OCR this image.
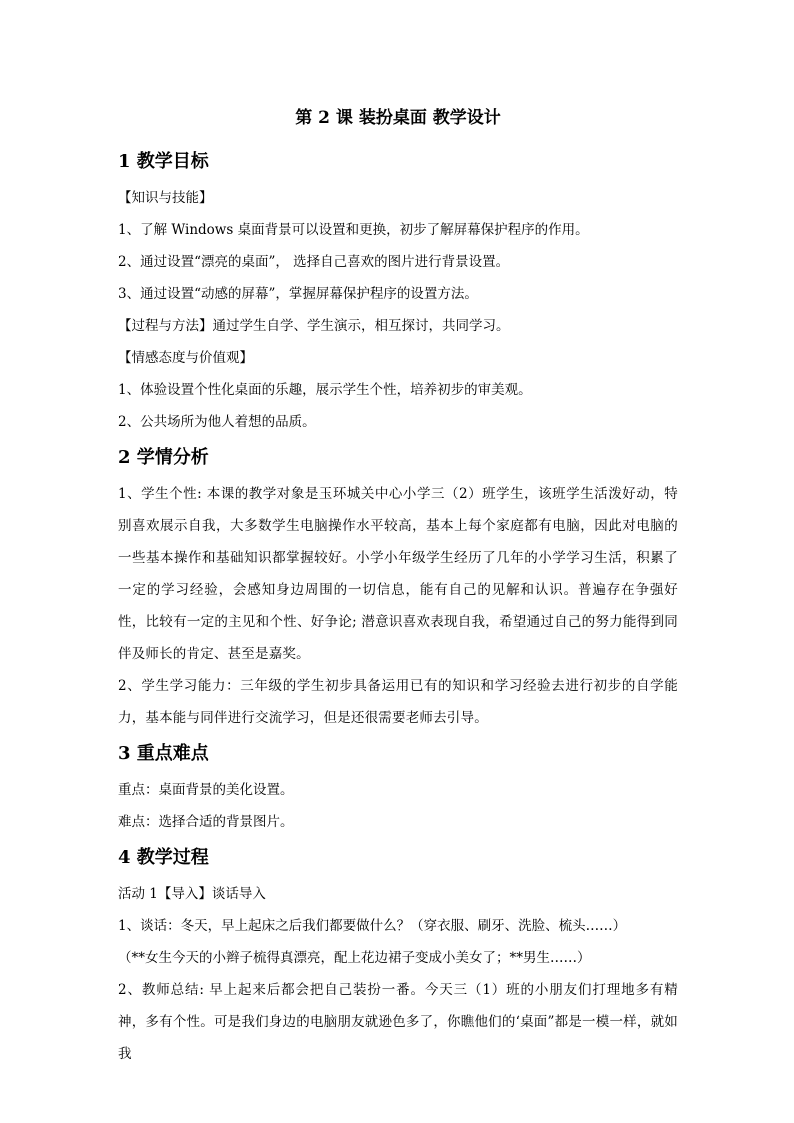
第 2 课 装扮桌面 教学设计
1 教学目标

【知识与技能】

1、了解 Windows 桌面背景可以设置和更换，初步了解屏幕保护程序的作用。

2、通过设置“漂亮的桌面”， 选择自己喜欢的图片进行背景设置。

3、通过设置“动感的屏幕”，掌握屏幕保护程序的设置方法。

【过程与方法】通过学生自学、学生演示，相互探讨，共同学习。

【情感态度与价值观】

1、体验设置个性化桌面的乐趣，展示学生个性，培养初步的审美观。

2、公共场所为他人着想的品质。

2 学情分析

1、学生个性: 本课的教学对象是玉环城关中心小学三（2）班学生，该班学生活泼好动，特别喜欢展示自我，大多数学生电脑操作水平较高，基本上每个家庭都有电脑，因此对电脑的一些基本操作和基础知识都掌握较好。小学小年级学生经历了几年的小学学习生活，积累了一定的学习经验，会感知身边周围的一切信息，能有自己的见解和认识。普遍存在争强好性，比较有一定的主见和个性、好争论; 潜意识喜欢表现自我，希望通过自己的努力能得到同伴及师长的肯定、甚至是嘉奖。

2、学生学习能力：三年级的学生初步具备运用已有的知识和学习经验去进行初步的自学能力，基本能与同伴进行交流学习，但是还很需要老师去引导。

3 重点难点

重点：桌面背景的美化设置。

难点：选择合适的背景图片。

4 教学过程

活动 1【导入】谈话导入

1、谈话：冬天，早上起床之后我们都要做什么？（穿衣服、刷牙、洗脸、梳头……）

（**女生今天的小辫子梳得真漂亮，配上花边裙子变成小美女了；**男生……）

2、教师总结: 早上起来后都会把自己装扮一番。今天三（1）班的小朋友们打理地多有精神，多有个性。可是我们身边的电脑朋友就逊色多了，你瞧他们的‘桌面”都是一模一样，就如我
